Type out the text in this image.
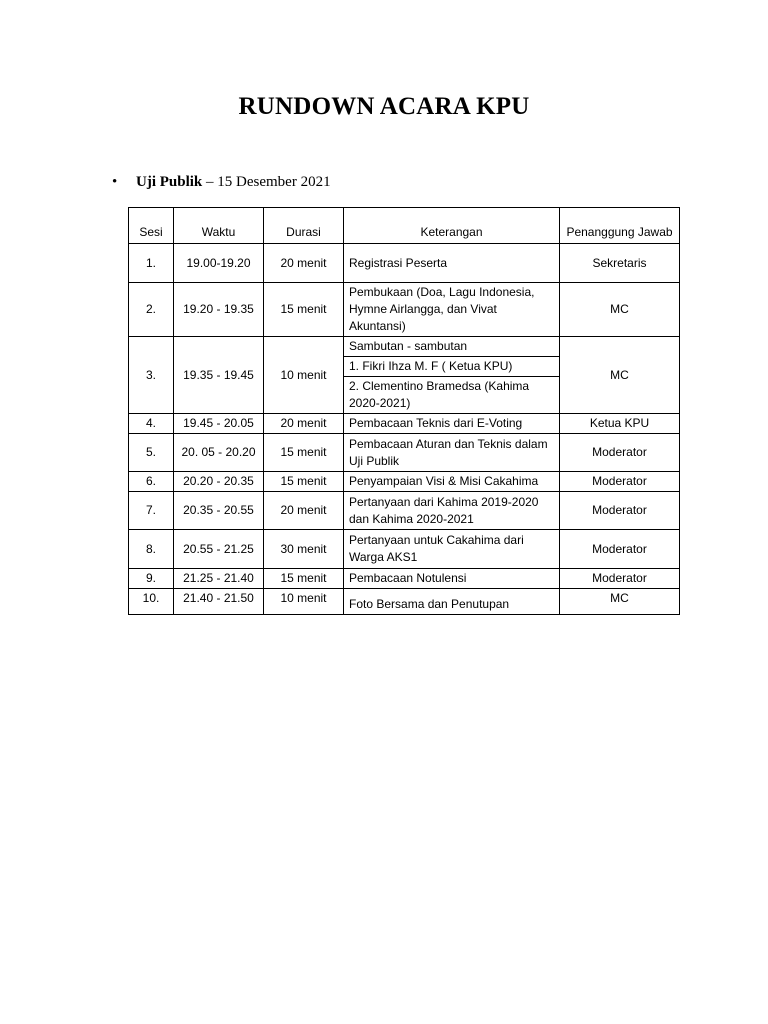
RUNDOWN ACARA KPU
• Uji Publik – 15 Desember 2021
Sesi	Waktu	Durasi	Keterangan	Penanggung Jawab
1.	19.00-19.20	20 menit	Registrasi Peserta	Sekretaris
2.	19.20 - 19.35	15 menit	Pembukaan (Doa, Lagu Indonesia, Hymne Airlangga, dan Vivat Akuntansi)	MC
3.	19.35 - 19.45	10 menit	Sambutan - sambutan	MC
			1. Fikri Ihza M. F ( Ketua KPU)	
			2. Clementino Bramedsa (Kahima 2020-2021)	
4.	19.45 - 20.05	20 menit	Pembacaan Teknis dari E-Voting	Ketua KPU
5.	20. 05 - 20.20	15 menit	Pembacaan Aturan dan Teknis dalam Uji Publik	Moderator
6.	20.20 - 20.35	15 menit	Penyampaian Visi & Misi Cakahima	Moderator
7.	20.35 - 20.55	20 menit	Pertanyaan dari Kahima 2019-2020 dan Kahima 2020-2021	Moderator
8.	20.55 - 21.25	30 menit	Pertanyaan untuk Cakahima dari Warga AKS1	Moderator
9.	21.25 - 21.40	15 menit	Pembacaan Notulensi	Moderator
10.	21.40 - 21.50	10 menit	Foto Bersama dan Penutupan	MC
